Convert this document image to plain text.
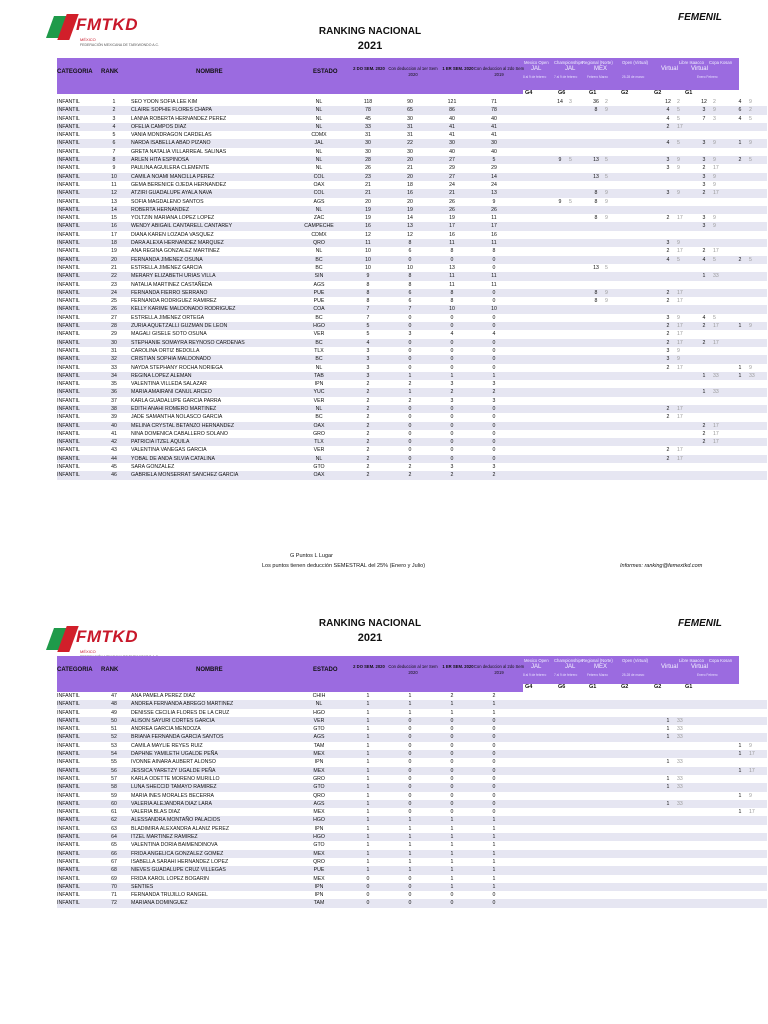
FMTKD
MÉXICO
FEDERACIÓN MEXICANA DE TAEKWONDO A.C.
RANKING NACIONAL
2021
FEMENIL
CATEGORIA	RANK	NOMBRE	ESTADO
2 DO SEM. 2020 Con deduccion al 1er Sem 2020
1 ER SEM. 2020 Con deduccion al 2do Sem 2019
Mexico Open Championships Regional (Norte) Open (Virtual)	Libre Isaacco Copa Kosan
JAL	JAL	MEX	Virtual Virtual
8 al 9 de febrero 7 al 9 de febrero	Febrero Marzo	25-28 de marzo	Enero Febrero
G4	G6	G1	G2	G2	G1
INFANTIL	1	SEO YOON SOFIA LEE KIM	NL	118	90	121	71		14	3	36	2			12	2	12	2	4	9
INFANTIL	2	CLAIRE SOPHIE FLORES CHAPA	NL	78	65	86	78				8	9			4	5	3	9	6	2
INFANTIL	3	LANNA ROBERTA HERNANDEZ PEREZ	NL	45	30	40	40								4	5	7	3	4	5
INFANTIL	4	OFELIA CAMPOS DIAZ	NL	33	31	41	41								2	17				
INFANTIL	5	VANIA MONDRAGON CARDELAS	CDMX	31	31	41	41													
INFANTIL	6	NARDA ISABELLA ABAD PIZANO	JAL	30	22	30	30								4	5	3	9	1	9
INFANTIL	7	GRETA NATALIA VILLARREAL SALINAS	NL	30	30	40	40													
INFANTIL	8	ARLEN HITA ESPINOSA	NL	28	20	27	5		9	5	13	5			3	9	3	9	2	5
INFANTIL	9	PAULINA AGUILERA CLEMENTE	NL	26	21	29	29								3	9	2	17		
INFANTIL	10	CAMILA NOAMI MANCILLA PEREZ	COL	23	20	27	14				13	5					3	9		
INFANTIL	11	GEMA BERENICE OJEDA HERNANDEZ	OAX	21	18	24	24										3	9		
INFANTIL	12	ATZIRI GUADALUPE AYALA NAVA	COL	21	16	21	13				8	9			3	9	2	17		
INFANTIL	13	SOFIA MAGDALENO SANTOS	AGS	20	20	26	9		9	5	8	9								
INFANTIL	14	ROBERTA HERNANDEZ	NL	19	19	26	26													
INFANTIL	15	YOLTZIN MARIANA LOPEZ LOPEZ	ZAC	19	14	19	11				8	9			2	17	3	9		
INFANTIL	16	WENDY ABIGAIL CANTARELL CANTAREY	CAMPECHE	16	13	17	17										3	9		
INFANTIL	17	DIANA KAREN LOZADA VASQUEZ	CDMX	12	12	16	16													
INFANTIL	18	DARA ALEXA HERNANDEZ MARQUEZ	QRO	11	8	11	11								3	9				
INFANTIL	19	ANA REGINA GONZALEZ MARTINEZ	NL	10	6	8	8								2	17	2	17		
INFANTIL	20	FERNANDA JIMENEZ OSUNA	BC	10	0	0	0								4	5	4	5	2	5
INFANTIL	21	ESTRELLA JIMENEZ GARCIA	BC	10	10	13	0				13	5								
INFANTIL	22	MERARY ELIZABETH URIAS VILLA	SIN	9	8	11	11										1	33		
INFANTIL	23	NATALIA MARTINEZ CASTAÑEDA	AGS	8	8	11	11													
INFANTIL	24	FERNANDA FIERRO SERRANO	PUE	8	6	8	0				8	9			2	17				
INFANTIL	25	FERNANDA RODRIGUEZ RAMIREZ	PUE	8	6	8	0				8	9			2	17				
INFANTIL	26	KELLY KARIME MALDONADO RODRIGUEZ	COA	7	7	10	10													
INFANTIL	27	ESTRELLA JIMENEZ ORTEGA	BC	7	0	0	0								3	9	4	5		
INFANTIL	28	ZURIA AQUETZALLI GUZMAN DE LEON	HGO	5	0	0	0								2	17	2	17	1	9
INFANTIL	29	MAGALI GISELE SOTO OSUNA	VER	5	3	4	4								2	17				
INFANTIL	30	STEPHANIE SOMAYRA REYNOSO CARDENAS	BC	4	0	0	0								2	17	2	17		
INFANTIL	31	CAROLINA ORTIZ BEDOLLA	TLX	3	0	0	0								3	9				
INFANTIL	32	CRISTIAN SOPHIA MALDONADO	BC	3	0	0	0								3	9				
INFANTIL	33	NAYDA STEPHANY ROCHA NORIEGA	NL	3	0	0	0								2	17			1	9
INFANTIL	34	REGINA LOPEZ ALEMAN	TAB	3	1	1	1										1	33	1	33
INFANTIL	35	VALENTINA VILLEDA SALAZAR	IPN	2	2	3	3													
INFANTIL	36	MARIA AMAIRANI CANUL ARCEO	YUC	2	1	2	2										1	33		
INFANTIL	37	KARLA GUADALUPE GARCIA PARRA	VER	2	2	3	3													
INFANTIL	38	EDITH ANAHI ROMERO MARTINEZ	NL	2	0	0	0								2	17				
INFANTIL	39	JADE SAMANTHA NOLASCO GARCIA	BC	2	0	0	0								2	17				
INFANTIL	40	MELINA CRYSTAL BETANZO HERNANDEZ	OAX	2	0	0	0										2	17		
INFANTIL	41	NINA DOMENICA CABALLERO SOLANO	GRO	2	0	0	0										2	17		
INFANTIL	42	PATRICIA ITZEL AQUILA	TLX	2	0	0	0										2	17		
INFANTIL	43	VALENTINA VANEGAS GARCIA	VER	2	0	0	0								2	17				
INFANTIL	44	YOBAL DE ANDA SILVIA CATALINA	NL	2	0	0	0								2	17				
INFANTIL	45	SARA GONZALEZ	GTO	2	2	3	3													
INFANTIL	46	GABRIELA MONSERRAT SANCHEZ GARCIA	OAX	2	2	2	2													
G Puntos L Lugar
Los puntos tienen deducción SEMESTRAL del 25% (Enero y Julio)	Informes: ranking@femextkd.com
FMTKD
MÉXICO
RANKING NACIONAL
2021
FEMENIL
CATEGORIA	RANK	NOMBRE	ESTADO
2 DO SEM. 2020 Con deduccion al 1er Sem 2020
1 ER SEM. 2020 Con deduccion al 2do Sem 2019
Mexico Open Championships Regional (Norte) Open (Virtual)	Libre Isaacco Copa Kosan
JAL	JAL	MEX	Virtual Virtual
8 al 9 de febrero 7 al 9 de febrero	Febrero Marzo	25-28 de marzo	Enero Febrero
G4	G6	G1	G2	G2	G1
INFANTIL	47	ANA PAMELA PEREZ DIAZ	CHIH	1	1	2	2													
INFANTIL	48	ANDREA FERNANDA ABREGO MARTINEZ	NL	1	1	1	1													
INFANTIL	49	DENISSE CECILIA FLORES DE LA CRUZ	HGO	1	1	1	1													
INFANTIL	50	ALISON SAYURI CORTES GARCIA	VER	1	0	0	0								1	33				
INFANTIL	51	ANDREA GARCIA MENDOZA	GTO	1	0	0	0								1	33				
INFANTIL	52	BRIANA FERNANDA GARCIA SANTOS	AGS	1	0	0	0								1	33				
INFANTIL	53	CAMILA MAYLIE REYES RUIZ	TAM	1	0	0	0												1	9
INFANTIL	54	DAPHNE YAMILETH UGALDE PEÑA	MEX	1	0	0	0												1	17
INFANTIL	55	IVONNE AINARA AUBERT ALONSO	IPN	1	0	0	0								1	33				
INFANTIL	56	JESSICA YARETZY UGALDE PEÑA	MEX	1	0	0	0												1	17
INFANTIL	57	KARLA ODETTE MORENO MURILLO	GRO	1	0	0	0								1	33				
INFANTIL	58	LUNA SHECCID TAMAYO RAMIREZ	GTO	1	0	0	0								1	33				
INFANTIL	59	MARIA INES MORALES BECERRA	QRO	1	0	0	0												1	9
INFANTIL	60	VALERIA ALEJANDRA DIAZ LARA	AGS	1	0	0	0								1	33				
INFANTIL	61	VALERIA BLAS DIAZ	MEX	1	0	0	0												1	17
INFANTIL	62	ALESSANDRA MONTAÑO PALACIOS	HGO	1	1	1	1													
INFANTIL	63	BLADIMIRA ALEXANDRA ALANIZ PEREZ	IPN	1	1	1	1													
INFANTIL	64	ITZEL MARTINEZ RAMIREZ	HGO	1	1	1	1													
INFANTIL	65	VALENTINA DORIA BAIMENDINOVA	GTO	1	1	1	1													
INFANTIL	66	FRIDA ANGELICA GONZALEZ GOMEZ	MEX	1	1	1	1													
INFANTIL	67	ISABELLA SARAHI HERNANDEZ LOPEZ	QRO	1	1	1	1													
INFANTIL	68	NIEVES GUADALUPE CRUZ VILLEGAS	PUE	1	1	1	1													
INFANTIL	69	FRIDA KAROL LOPEZ BOGARIN	MEX	0	0	1	1													
INFANTIL	70	SENTIES	IPN	0	0	1	1													
INFANTIL	71	FERNANDA TRUJILLO RANGEL	IPN	0	0	0	0													
INFANTIL	72	MARIANA DOMINGUEZ	TAM	0	0	0	0													
